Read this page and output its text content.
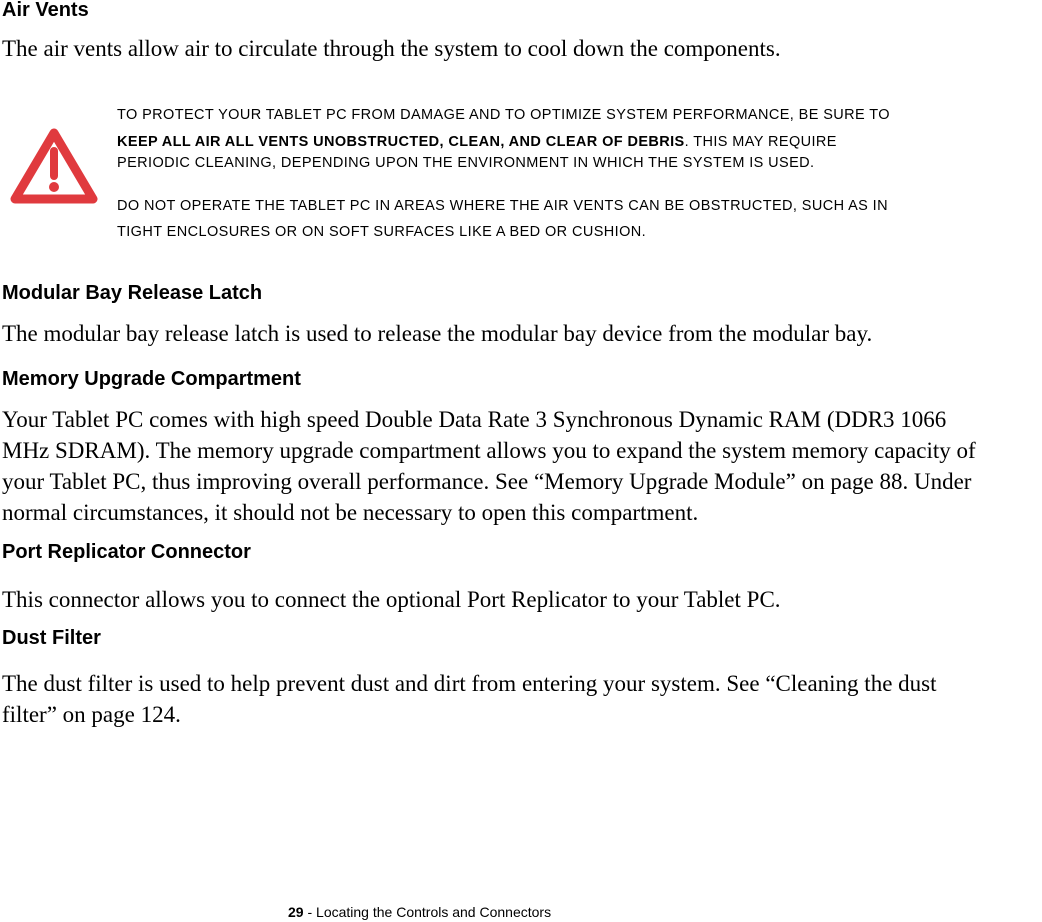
Air Vents

The air vents allow air to circulate through the system to cool down the components.

TO PROTECT YOUR TABLET PC FROM DAMAGE AND TO OPTIMIZE SYSTEM PERFORMANCE, BE SURE TO

KEEP ALL AIR ALL VENTS UNOBSTRUCTED, CLEAN, AND CLEAR OF DEBRIS. THIS MAY REQUIRE

PERIODIC CLEANING, DEPENDING UPON THE ENVIRONMENT IN WHICH THE SYSTEM IS USED.

DO NOT OPERATE THE TABLET PC IN AREAS WHERE THE AIR VENTS CAN BE OBSTRUCTED, SUCH AS IN

TIGHT ENCLOSURES OR ON SOFT SURFACES LIKE A BED OR CUSHION.

Modular Bay Release Latch

The modular bay release latch is used to release the modular bay device from the modular bay.

Memory Upgrade Compartment

Your Tablet PC comes with high speed Double Data Rate 3 Synchronous Dynamic RAM (DDR3 1066

MHz SDRAM). The memory upgrade compartment allows you to expand the system memory capacity of

your Tablet PC, thus improving overall performance. See “Memory Upgrade Module” on page 88. Under

normal circumstances, it should not be necessary to open this compartment.

Port Replicator Connector

This connector allows you to connect the optional Port Replicator to your Tablet PC.

Dust Filter

The dust filter is used to help prevent dust and dirt from entering your system. See “Cleaning the dust

filter” on page 124.

29 - Locating the Controls and Connectors
